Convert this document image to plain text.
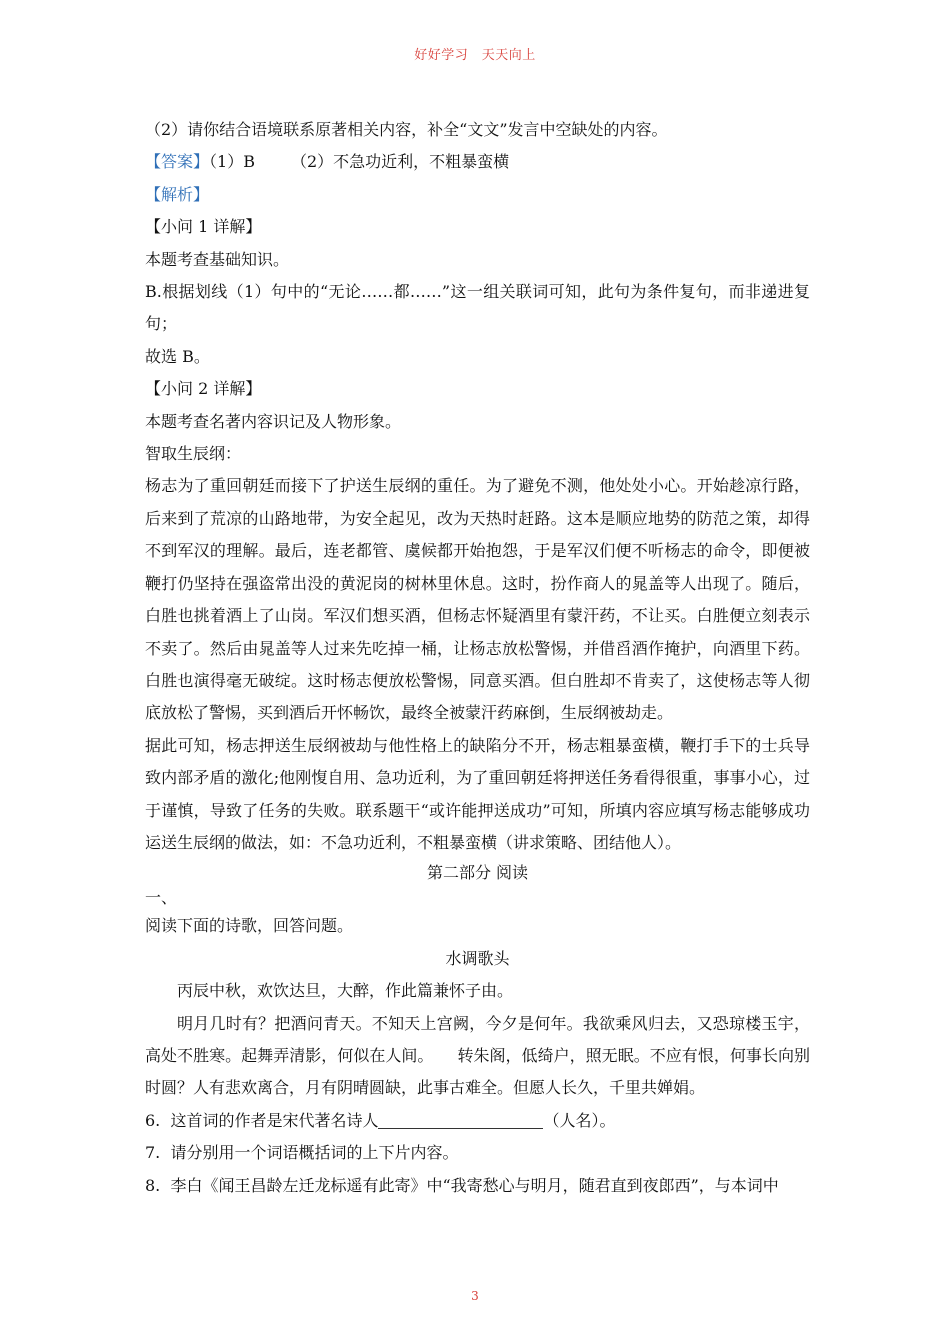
好好学习　天天向上

（2）请你结合语境联系原著相关内容，补全“文文”发言中空缺处的内容。

【答案】（1）B （2）不急功近利，不粗暴蛮横

【解析】

【小问 1 详解】

本题考查基础知识。

B.根据划线（1）句中的“无论……都……”这一组关联词可知，此句为条件复句，而非递进复句；

故选 B。

【小问 2 详解】

本题考查名著内容识记及人物形象。

智取生辰纲：

杨志为了重回朝廷而接下了护送生辰纲的重任。为了避免不测，他处处小心。开始趁凉行路，后来到了荒凉的山路地带，为安全起见，改为天热时赶路。这本是顺应地势的防范之策，却得不到军汉的理解。最后，连老都管、虞候都开始抱怨，于是军汉们便不听杨志的命令，即便被鞭打仍坚持在强盗常出没的黄泥岗的树林里休息。这时，扮作商人的晁盖等人出现了。随后，白胜也挑着酒上了山岗。军汉们想买酒，但杨志怀疑酒里有蒙汗药，不让买。白胜便立刻表示不卖了。然后由晁盖等人过来先吃掉一桶，让杨志放松警惕，并借舀酒作掩护，向酒里下药。白胜也演得毫无破绽。这时杨志便放松警惕，同意买酒。但白胜却不肯卖了，这使杨志等人彻底放松了警惕，买到酒后开怀畅饮，最终全被蒙汗药麻倒，生辰纲被劫走。

据此可知，杨志押送生辰纲被劫与他性格上的缺陷分不开，杨志粗暴蛮横，鞭打手下的士兵导致内部矛盾的激化;他刚愎自用、急功近利，为了重回朝廷将押送任务看得很重，事事小心，过于谨慎，导致了任务的失败。联系题干“或许能押送成功”可知，所填内容应填写杨志能够成功运送生辰纲的做法，如：不急功近利，不粗暴蛮横（讲求策略、团结他人）。

第二部分 阅读

一、

阅读下面的诗歌，回答问题。

水调歌头

丙辰中秋，欢饮达旦，大醉，作此篇兼怀子由。

明月几时有？把酒问青天。不知天上宫阙，今夕是何年。我欲乘风归去，又恐琼楼玉宇，高处不胜寒。起舞弄清影，何似在人间。 转朱阁，低绮户，照无眠。不应有恨，何事长向别时圆？人有悲欢离合，月有阴晴圆缺，此事古难全。但愿人长久，千里共婵娟。

6. 这首词的作者是宋代著名诗人	（人名）。

7. 请分别用一个词语概括词的上下片内容。

8. 李白《闻王昌龄左迁龙标遥有此寄》中“我寄愁心与明月，随君直到夜郎西”，与本词中

3
